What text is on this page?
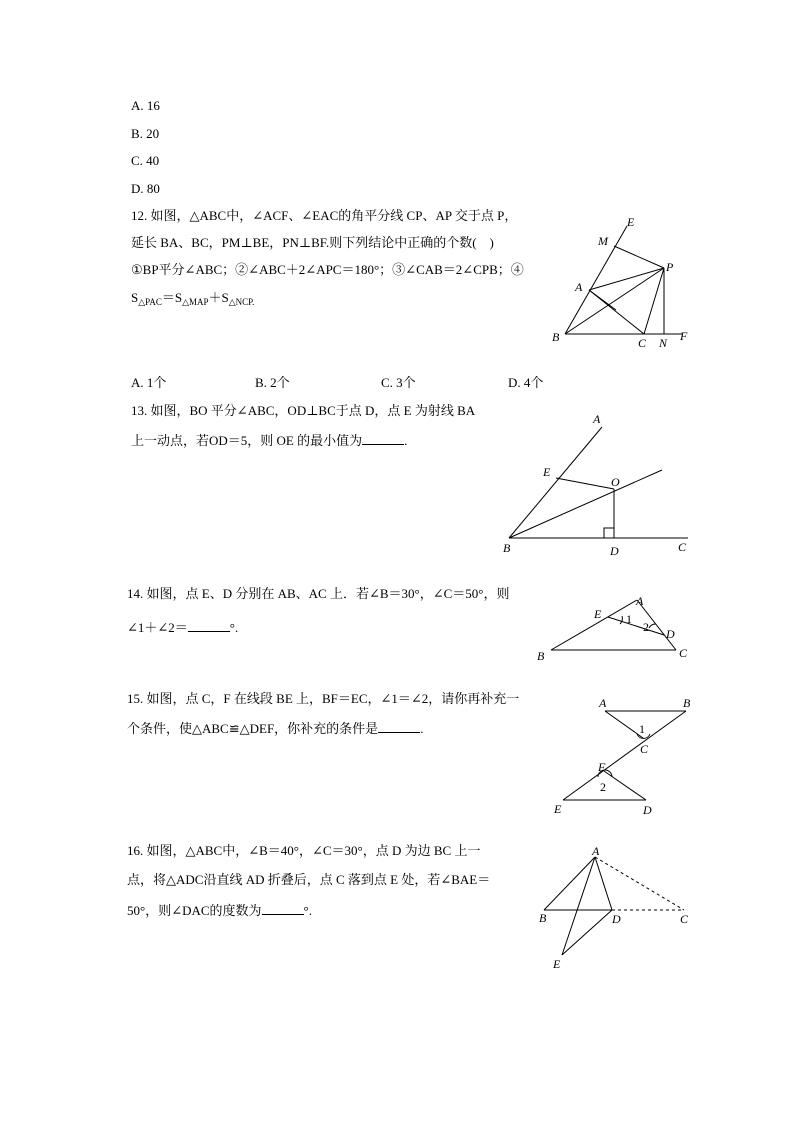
A. 16
B. 20
C. 40
D. 80
12. 如图，△ABC中，∠ACF、∠EAC的角平分线 CP、AP 交于点 P，
延长 BA、BC，PM⊥BE，PN⊥BF.则下列结论中正确的个数(　)
①BP平分∠ABC；②∠ABC＋2∠APC＝180°；③∠CAB＝2∠CPB；④
$S_{\triangle PAC}=S_{\triangle MAP}+S_{\triangle NCP.}$
E
M
P
A
B	C N F
A. 1个	B. 2个	C. 3个	D. 4个
13. 如图，BO 平分∠ABC，OD⊥BC于点 D，点 E 为射线 BA
上一动点，若OD＝5，则 OE 的最小值为	.
A
E
O
B	D	C
14. 如图，点 E、D 分别在 AB、AC 上．若∠B＝30°，∠C＝50°，则
∠1＋∠2＝	°.
A
E 1
2 D
B	C
15. 如图，点 C，F 在线段 BE 上，BF＝EC，∠1＝∠2，请你再补充一
个条件，使△ABC≌△DEF，你补充的条件是	.
A	B
1
C
F
2
E	D
16. 如图，△ABC中，∠B＝40°，∠C＝30°，点 D 为边 BC 上一
点，将△ADC沿直线 AD 折叠后，点 C 落到点 E 处，若∠BAE＝
50°，则∠DAC的度数为	°.
A
B	D	C
E
